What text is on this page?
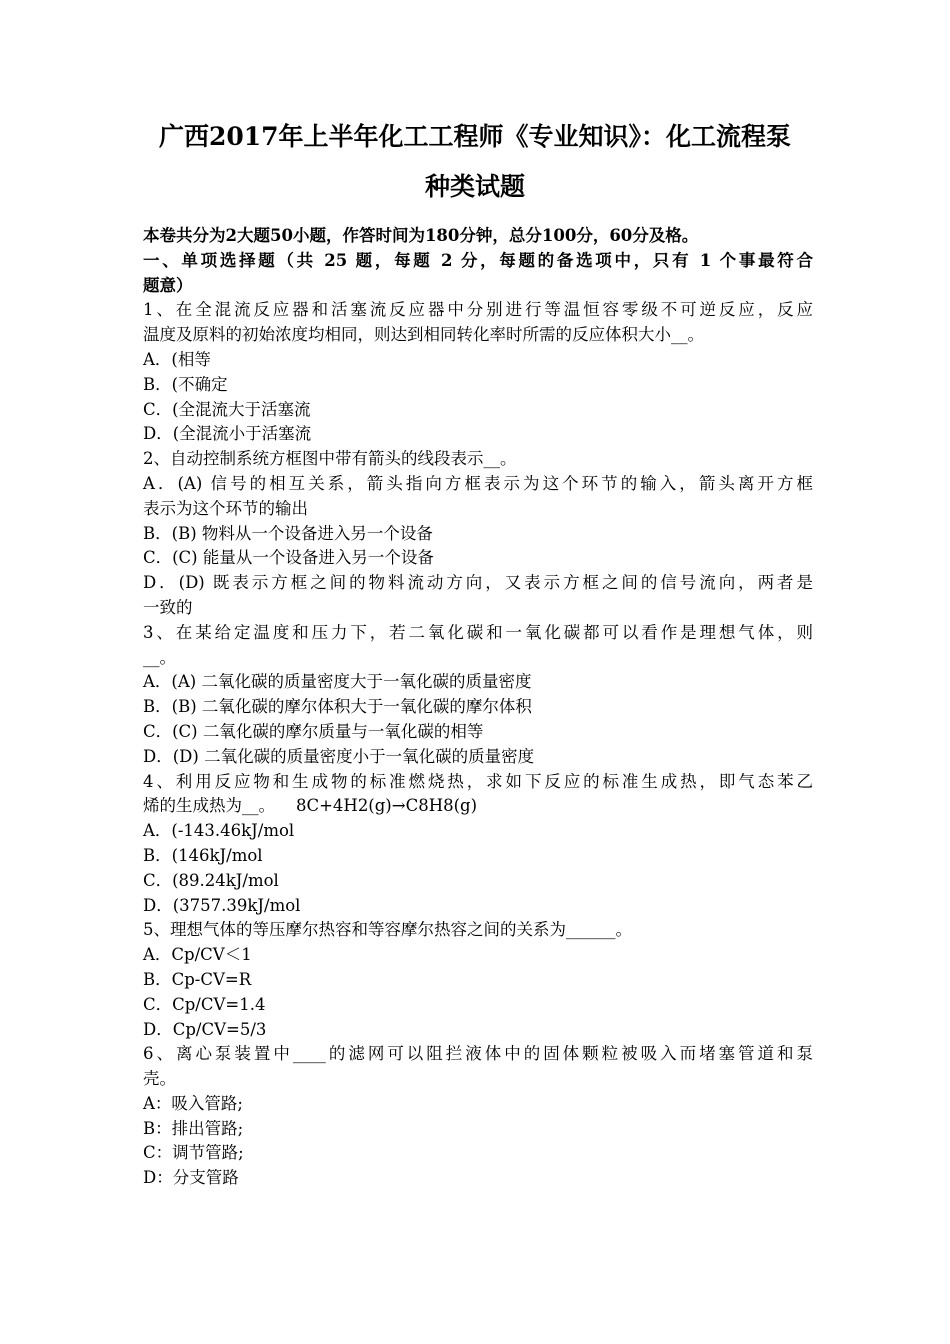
广西2017年上半年化工工程师《专业知识》：化工流程泵
种类试题
本卷共分为2大题50小题，作答时间为180分钟，总分100分，60分及格。
一、单项选择题（共 25 题，每题 2 分，每题的备选项中，只有 1 个事最符合
题意）
1、在全混流反应器和活塞流反应器中分别进行等温恒容零级不可逆反应，反应
温度及原料的初始浓度均相同，则达到相同转化率时所需的反应体积大小__。
A．(相等
B．(不确定
C．(全混流大于活塞流
D．(全混流小于活塞流
2、自动控制系统方框图中带有箭头的线段表示__。
A．(A) 信号的相互关系，箭头指向方框表示为这个环节的输入，箭头离开方框
表示为这个环节的输出
B．(B) 物料从一个设备进入另一个设备
C．(C) 能量从一个设备进入另一个设备
D．(D) 既表示方框之间的物料流动方向，又表示方框之间的信号流向，两者是
一致的
3、在某给定温度和压力下，若二氧化碳和一氧化碳都可以看作是理想气体，则
__。
A．(A) 二氧化碳的质量密度大于一氧化碳的质量密度
B．(B) 二氧化碳的摩尔体积大于一氧化碳的摩尔体积
C．(C) 二氧化碳的摩尔质量与一氧化碳的相等
D．(D) 二氧化碳的质量密度小于一氧化碳的质量密度
4、利用反应物和生成物的标准燃烧热，求如下反应的标准生成热，即气态苯乙
烯的生成热为__。    8C+4H2(g)→C8H8(g)
A．(-143.46kJ/mol
B．(146kJ/mol
C．(89.24kJ/mol
D．(3757.39kJ/mol
5、理想气体的等压摩尔热容和等容摩尔热容之间的关系为______。
A．Cp/CV＜1
B．Cp-CV=R
C．Cp/CV=1.4
D．Cp/CV=5/3
6、离心泵装置中____的滤网可以阻拦液体中的固体颗粒被吸入而堵塞管道和泵
壳。
A：吸入管路;
B：排出管路;
C：调节管路;
D：分支管路
